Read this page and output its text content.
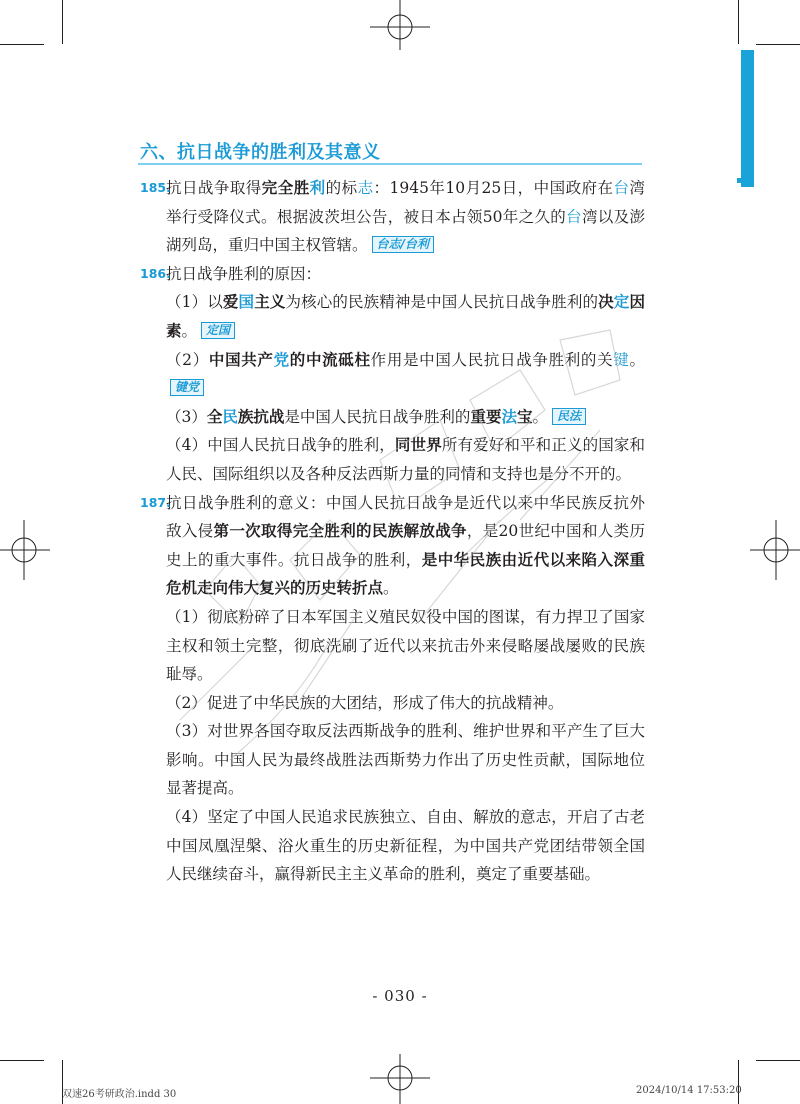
六、抗日战争的胜利及其意义

185.
抗日战争取得完全胜利的标志：1945年10月25日，中国政府在台湾举行受降仪式。根据波茨坦公告，被日本占领50年之久的台湾以及澎湖列岛，重归中国主权管辖。 台志/台利

186.
抗日战争胜利的原因：

（1）以爱国主义为核心的民族精神是中国人民抗日战争胜利的决定因素。 定国

（2）中国共产党的中流砥柱作用是中国人民抗日战争胜利的关键。键党

（3）全民族抗战是中国人民抗日战争胜利的重要法宝。 民法

（4）中国人民抗日战争的胜利，同世界所有爱好和平和正义的国家和人民、国际组织以及各种反法西斯力量的同情和支持也是分不开的。

187.
抗日战争胜利的意义：中国人民抗日战争是近代以来中华民族反抗外敌入侵第一次取得完全胜利的民族解放战争，是20世纪中国和人类历史上的重大事件。抗日战争的胜利，是中华民族由近代以来陷入深重危机走向伟大复兴的历史转折点。

（1）彻底粉碎了日本军国主义殖民奴役中国的图谋，有力捍卫了国家主权和领土完整，彻底洗刷了近代以来抗击外来侵略屡战屡败的民族耻辱。

（2）促进了中华民族的大团结，形成了伟大的抗战精神。

（3）对世界各国夺取反法西斯战争的胜利、维护世界和平产生了巨大影响。中国人民为最终战胜法西斯势力作出了历史性贡献，国际地位显著提高。

（4）坚定了中国人民追求民族独立、自由、解放的意志，开启了古老中国凤凰涅槃、浴火重生的历史新征程，为中国共产党团结带领全国人民继续奋斗，赢得新民主主义革命的胜利，奠定了重要基础。

- 030 -
双速26考研政治.indd 30	2024/10/14 17:53:20
